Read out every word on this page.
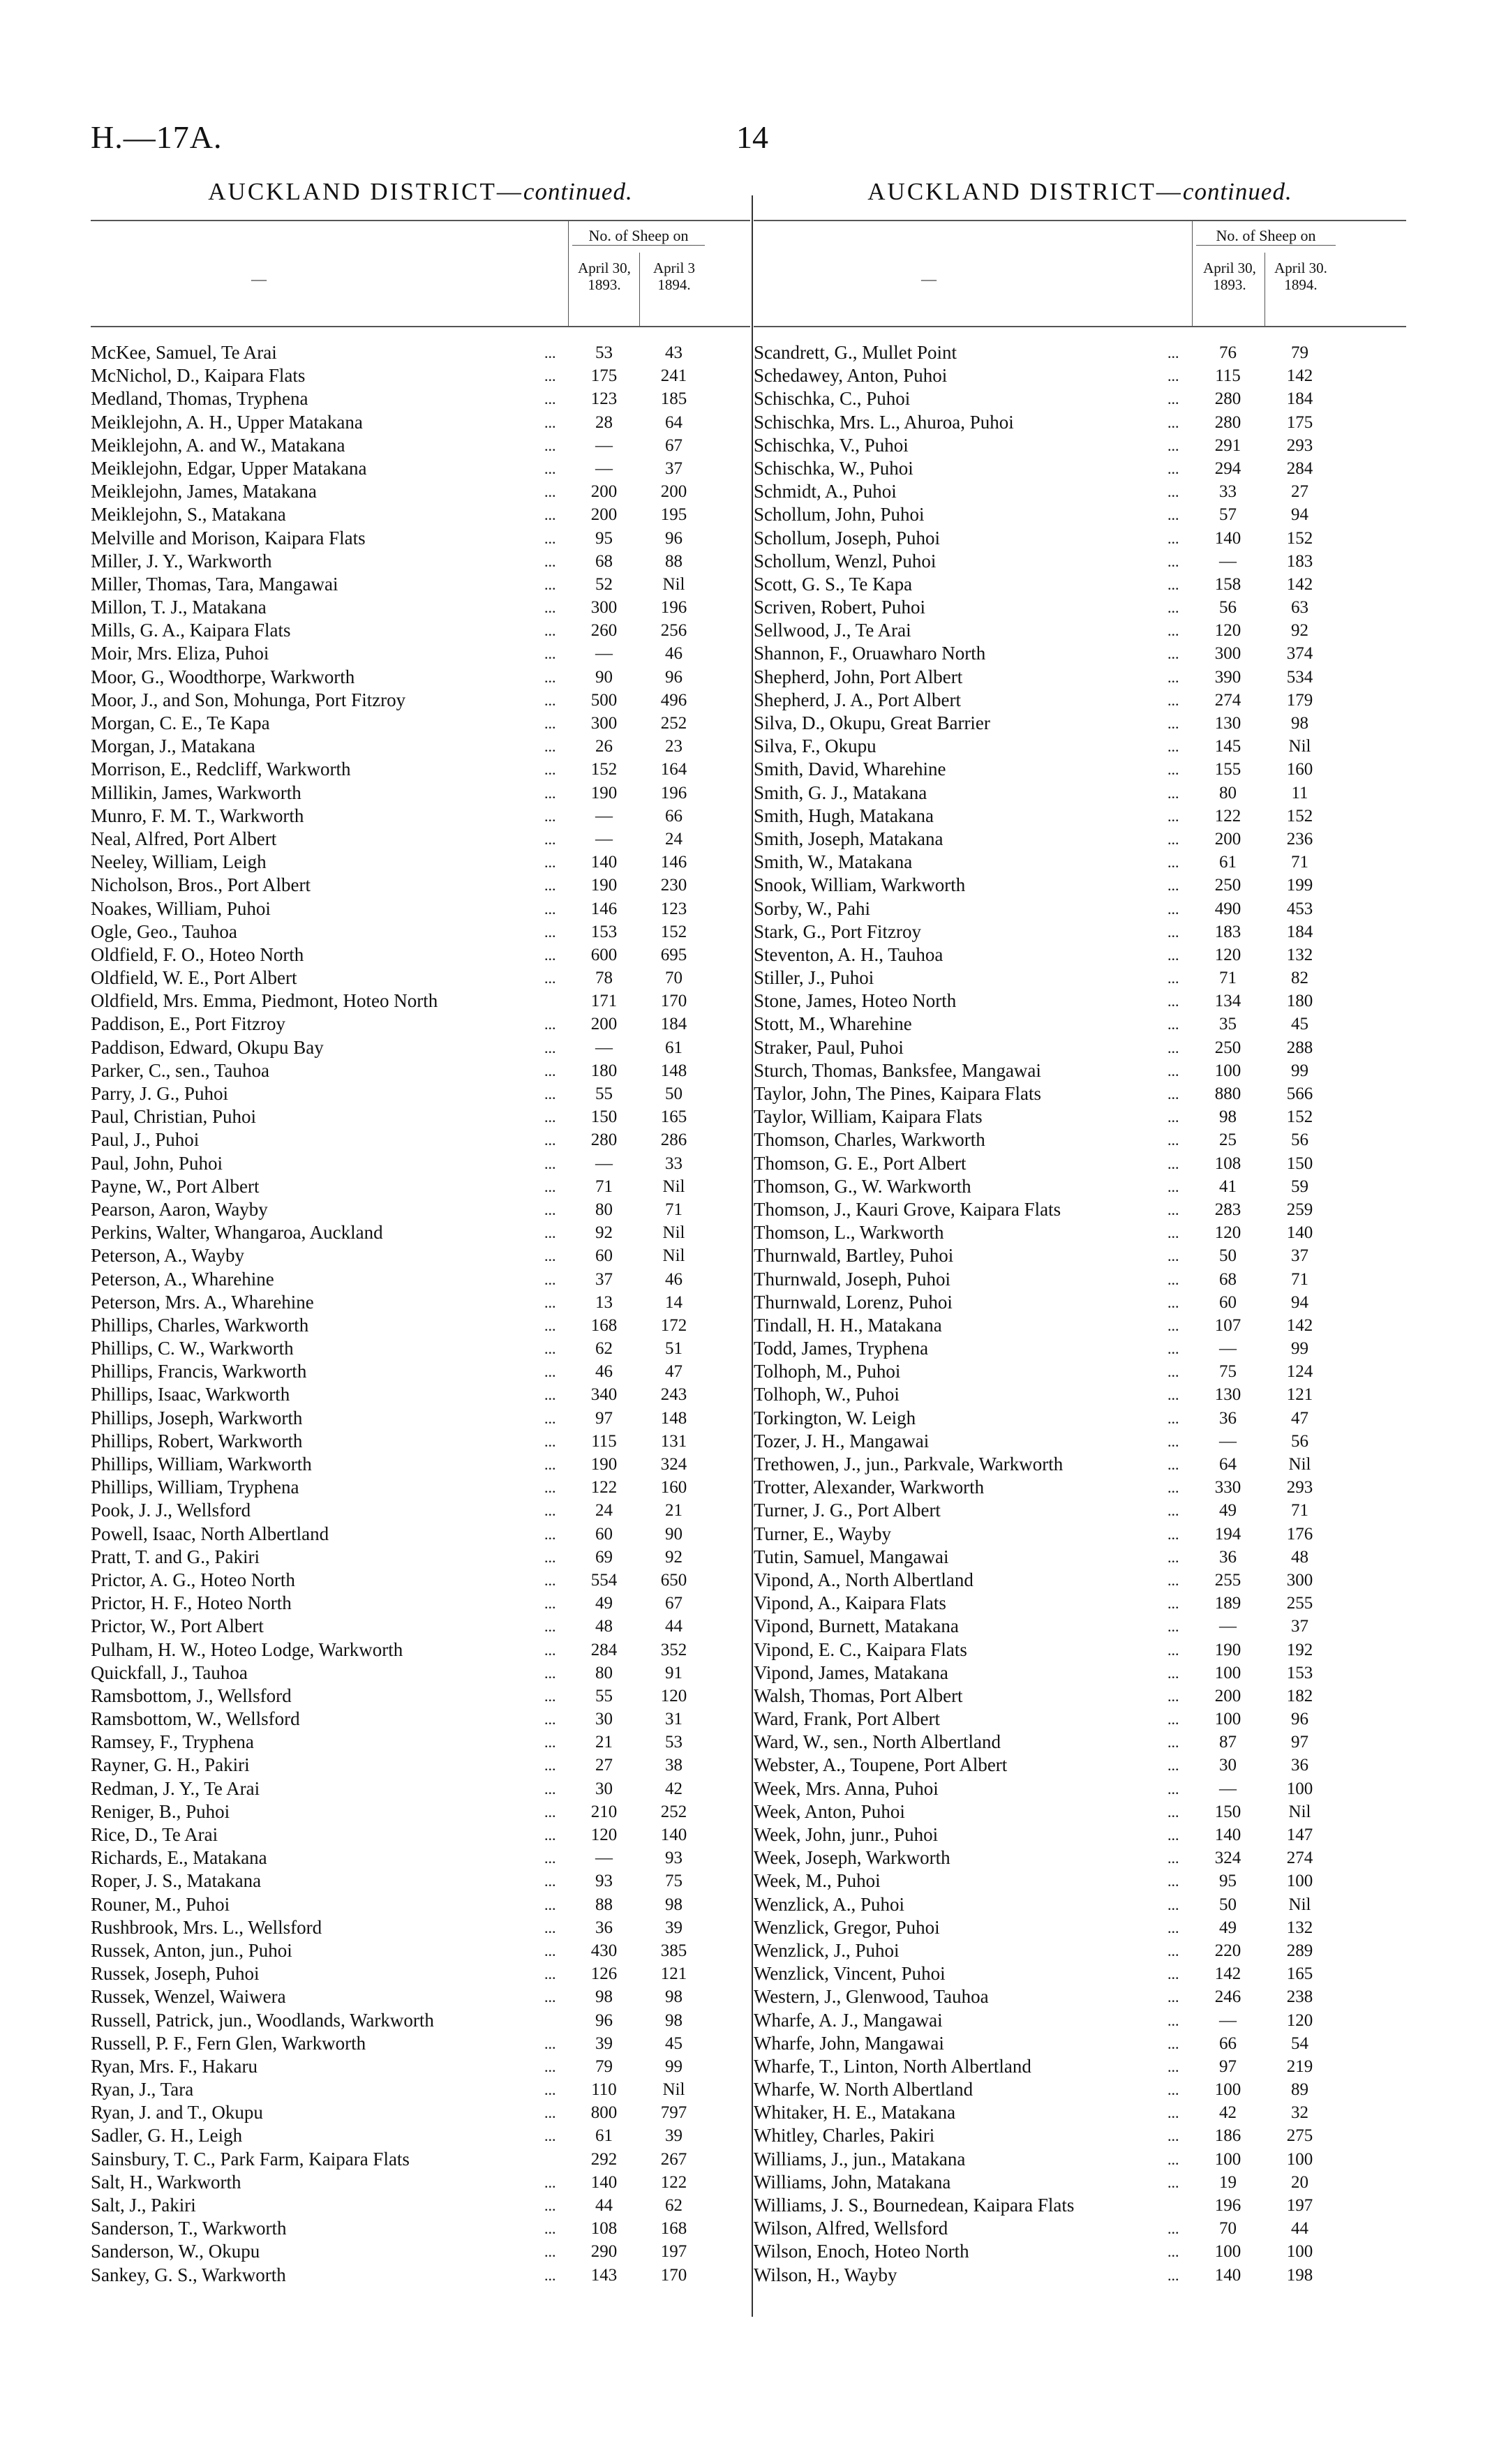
H.—17A.	14
AUCKLAND DISTRICT—continued.
—
No. of Sheep on
April 30, 1893.
April 3 1894.
McKee, Samuel, Te Arai	...	53	43
McNichol, D., Kaipara Flats	...	175	241
Medland, Thomas, Tryphena	...	123	185
Meiklejohn, A. H., Upper Matakana	...	28	64
Meiklejohn, A. and W., Matakana	...	—	67
Meiklejohn, Edgar, Upper Matakana	...	—	37
Meiklejohn, James, Matakana	...	200	200
Meiklejohn, S., Matakana	...	200	195
Melville and Morison, Kaipara Flats	...	95	96
Miller, J. Y., Warkworth	...	68	88
Miller, Thomas, Tara, Mangawai	...	52	Nil
Millon, T. J., Matakana	...	300	196
Mills, G. A., Kaipara Flats	...	260	256
Moir, Mrs. Eliza, Puhoi	...	—	46
Moor, G., Woodthorpe, Warkworth	...	90	96
Moor, J., and Son, Mohunga, Port Fitzroy	...	500	496
Morgan, C. E., Te Kapa	...	300	252
Morgan, J., Matakana	...	26	23
Morrison, E., Redcliff, Warkworth	...	152	164
Millikin, James, Warkworth	...	190	196
Munro, F. M. T., Warkworth	...	—	66
Neal, Alfred, Port Albert	...	—	24
Neeley, William, Leigh	...	140	146
Nicholson, Bros., Port Albert	...	190	230
Noakes, William, Puhoi	...	146	123
Ogle, Geo., Tauhoa	...	153	152
Oldfield, F. O., Hoteo North	...	600	695
Oldfield, W. E., Port Albert	...	78	70
Oldfield, Mrs. Emma, Piedmont, Hoteo North	171	170
Paddison, E., Port Fitzroy	...	200	184
Paddison, Edward, Okupu Bay	...	—	61
Parker, C., sen., Tauhoa	...	180	148
Parry, J. G., Puhoi	...	55	50
Paul, Christian, Puhoi	...	150	165
Paul, J., Puhoi	...	280	286
Paul, John, Puhoi	...	—	33
Payne, W., Port Albert	...	71	Nil
Pearson, Aaron, Wayby	...	80	71
Perkins, Walter, Whangaroa, Auckland	...	92	Nil
Peterson, A., Wayby	...	60	Nil
Peterson, A., Wharehine	...	37	46
Peterson, Mrs. A., Wharehine	...	13	14
Phillips, Charles, Warkworth	...	168	172
Phillips, C. W., Warkworth	...	62	51
Phillips, Francis, Warkworth	...	46	47
Phillips, Isaac, Warkworth	...	340	243
Phillips, Joseph, Warkworth	...	97	148
Phillips, Robert, Warkworth	...	115	131
Phillips, William, Warkworth	...	190	324
Phillips, William, Tryphena	...	122	160
Pook, J. J., Wellsford	...	24	21
Powell, Isaac, North Albertland	...	60	90
Pratt, T. and G., Pakiri	...	69	92
Prictor, A. G., Hoteo North	...	554	650
Prictor, H. F., Hoteo North	...	49	67
Prictor, W., Port Albert	...	48	44
Pulham, H. W., Hoteo Lodge, Warkworth	...	284	352
Quickfall, J., Tauhoa	...	80	91
Ramsbottom, J., Wellsford	...	55	120
Ramsbottom, W., Wellsford	...	30	31
Ramsey, F., Tryphena	...	21	53
Rayner, G. H., Pakiri	...	27	38
Redman, J. Y., Te Arai	...	30	42
Reniger, B., Puhoi	...	210	252
Rice, D., Te Arai	...	120	140
Richards, E., Matakana	...	—	93
Roper, J. S., Matakana	...	93	75
Rouner, M., Puhoi	...	88	98
Rushbrook, Mrs. L., Wellsford	...	36	39
Russek, Anton, jun., Puhoi	...	430	385
Russek, Joseph, Puhoi	...	126	121
Russek, Wenzel, Waiwera	...	98	98
Russell, Patrick, jun., Woodlands, Warkworth	96	98
Russell, P. F., Fern Glen, Warkworth	...	39	45
Ryan, Mrs. F., Hakaru	...	79	99
Ryan, J., Tara	...	110	Nil
Ryan, J. and T., Okupu	...	800	797
Sadler, G. H., Leigh	...	61	39
Sainsbury, T. C., Park Farm, Kaipara Flats	292	267
Salt, H., Warkworth	...	140	122
Salt, J., Pakiri	...	44	62
Sanderson, T., Warkworth	...	108	168
Sanderson, W., Okupu	...	290	197
Sankey, G. S., Warkworth	...	143	170
AUCKLAND DISTRICT—continued.
—
No. of Sheep on
April 30, 1893.
April 30. 1894.
Scandrett, G., Mullet Point	...	76	79
Schedawey, Anton, Puhoi	...	115	142
Schischka, C., Puhoi	...	280	184
Schischka, Mrs. L., Ahuroa, Puhoi	...	280	175
Schischka, V., Puhoi	...	291	293
Schischka, W., Puhoi	...	294	284
Schmidt, A., Puhoi	...	33	27
Schollum, John, Puhoi	...	57	94
Schollum, Joseph, Puhoi	...	140	152
Schollum, Wenzl, Puhoi	...	—	183
Scott, G. S., Te Kapa	...	158	142
Scriven, Robert, Puhoi	...	56	63
Sellwood, J., Te Arai	...	120	92
Shannon, F., Oruawharo North	...	300	374
Shepherd, John, Port Albert	...	390	534
Shepherd, J. A., Port Albert	...	274	179
Silva, D., Okupu, Great Barrier	...	130	98
Silva, F., Okupu	...	145	Nil
Smith, David, Wharehine	...	155	160
Smith, G. J., Matakana	...	80	11
Smith, Hugh, Matakana	...	122	152
Smith, Joseph, Matakana	...	200	236
Smith, W., Matakana	...	61	71
Snook, William, Warkworth	...	250	199
Sorby, W., Pahi	...	490	453
Stark, G., Port Fitzroy	...	183	184
Steventon, A. H., Tauhoa	...	120	132
Stiller, J., Puhoi	...	71	82
Stone, James, Hoteo North	...	134	180
Stott, M., Wharehine	...	35	45
Straker, Paul, Puhoi	...	250	288
Sturch, Thomas, Banksfee, Mangawai	...	100	99
Taylor, John, The Pines, Kaipara Flats	...	880	566
Taylor, William, Kaipara Flats	...	98	152
Thomson, Charles, Warkworth	...	25	56
Thomson, G. E., Port Albert	...	108	150
Thomson, G., W. Warkworth	...	41	59
Thomson, J., Kauri Grove, Kaipara Flats	...	283	259
Thomson, L., Warkworth	...	120	140
Thurnwald, Bartley, Puhoi	...	50	37
Thurnwald, Joseph, Puhoi	...	68	71
Thurnwald, Lorenz, Puhoi	...	60	94
Tindall, H. H., Matakana	...	107	142
Todd, James, Tryphena	...	—	99
Tolhoph, M., Puhoi	...	75	124
Tolhoph, W., Puhoi	...	130	121
Torkington, W. Leigh	...	36	47
Tozer, J. H., Mangawai	...	—	56
Trethowen, J., jun., Parkvale, Warkworth	...	64	Nil
Trotter, Alexander, Warkworth	...	330	293
Turner, J. G., Port Albert	...	49	71
Turner, E., Wayby	...	194	176
Tutin, Samuel, Mangawai	...	36	48
Vipond, A., North Albertland	...	255	300
Vipond, A., Kaipara Flats	...	189	255
Vipond, Burnett, Matakana	...	—	37
Vipond, E. C., Kaipara Flats	...	190	192
Vipond, James, Matakana	...	100	153
Walsh, Thomas, Port Albert	...	200	182
Ward, Frank, Port Albert	...	100	96
Ward, W., sen., North Albertland	...	87	97
Webster, A., Toupene, Port Albert	...	30	36
Week, Mrs. Anna, Puhoi	...	—	100
Week, Anton, Puhoi	...	150	Nil
Week, John, junr., Puhoi	...	140	147
Week, Joseph, Warkworth	...	324	274
Week, M., Puhoi	...	95	100
Wenzlick, A., Puhoi	...	50	Nil
Wenzlick, Gregor, Puhoi	...	49	132
Wenzlick, J., Puhoi	...	220	289
Wenzlick, Vincent, Puhoi	...	142	165
Western, J., Glenwood, Tauhoa	...	246	238
Wharfe, A. J., Mangawai	...	—	120
Wharfe, John, Mangawai	...	66	54
Wharfe, T., Linton, North Albertland	...	97	219
Wharfe, W. North Albertland	...	100	89
Whitaker, H. E., Matakana	...	42	32
Whitley, Charles, Pakiri	...	186	275
Williams, J., jun., Matakana	...	100	100
Williams, John, Matakana	...	19	20
Williams, J. S., Bournedean, Kaipara Flats	196	197
Wilson, Alfred, Wellsford	...	70	44
Wilson, Enoch, Hoteo North	...	100	100
Wilson, H., Wayby	...	140	198
